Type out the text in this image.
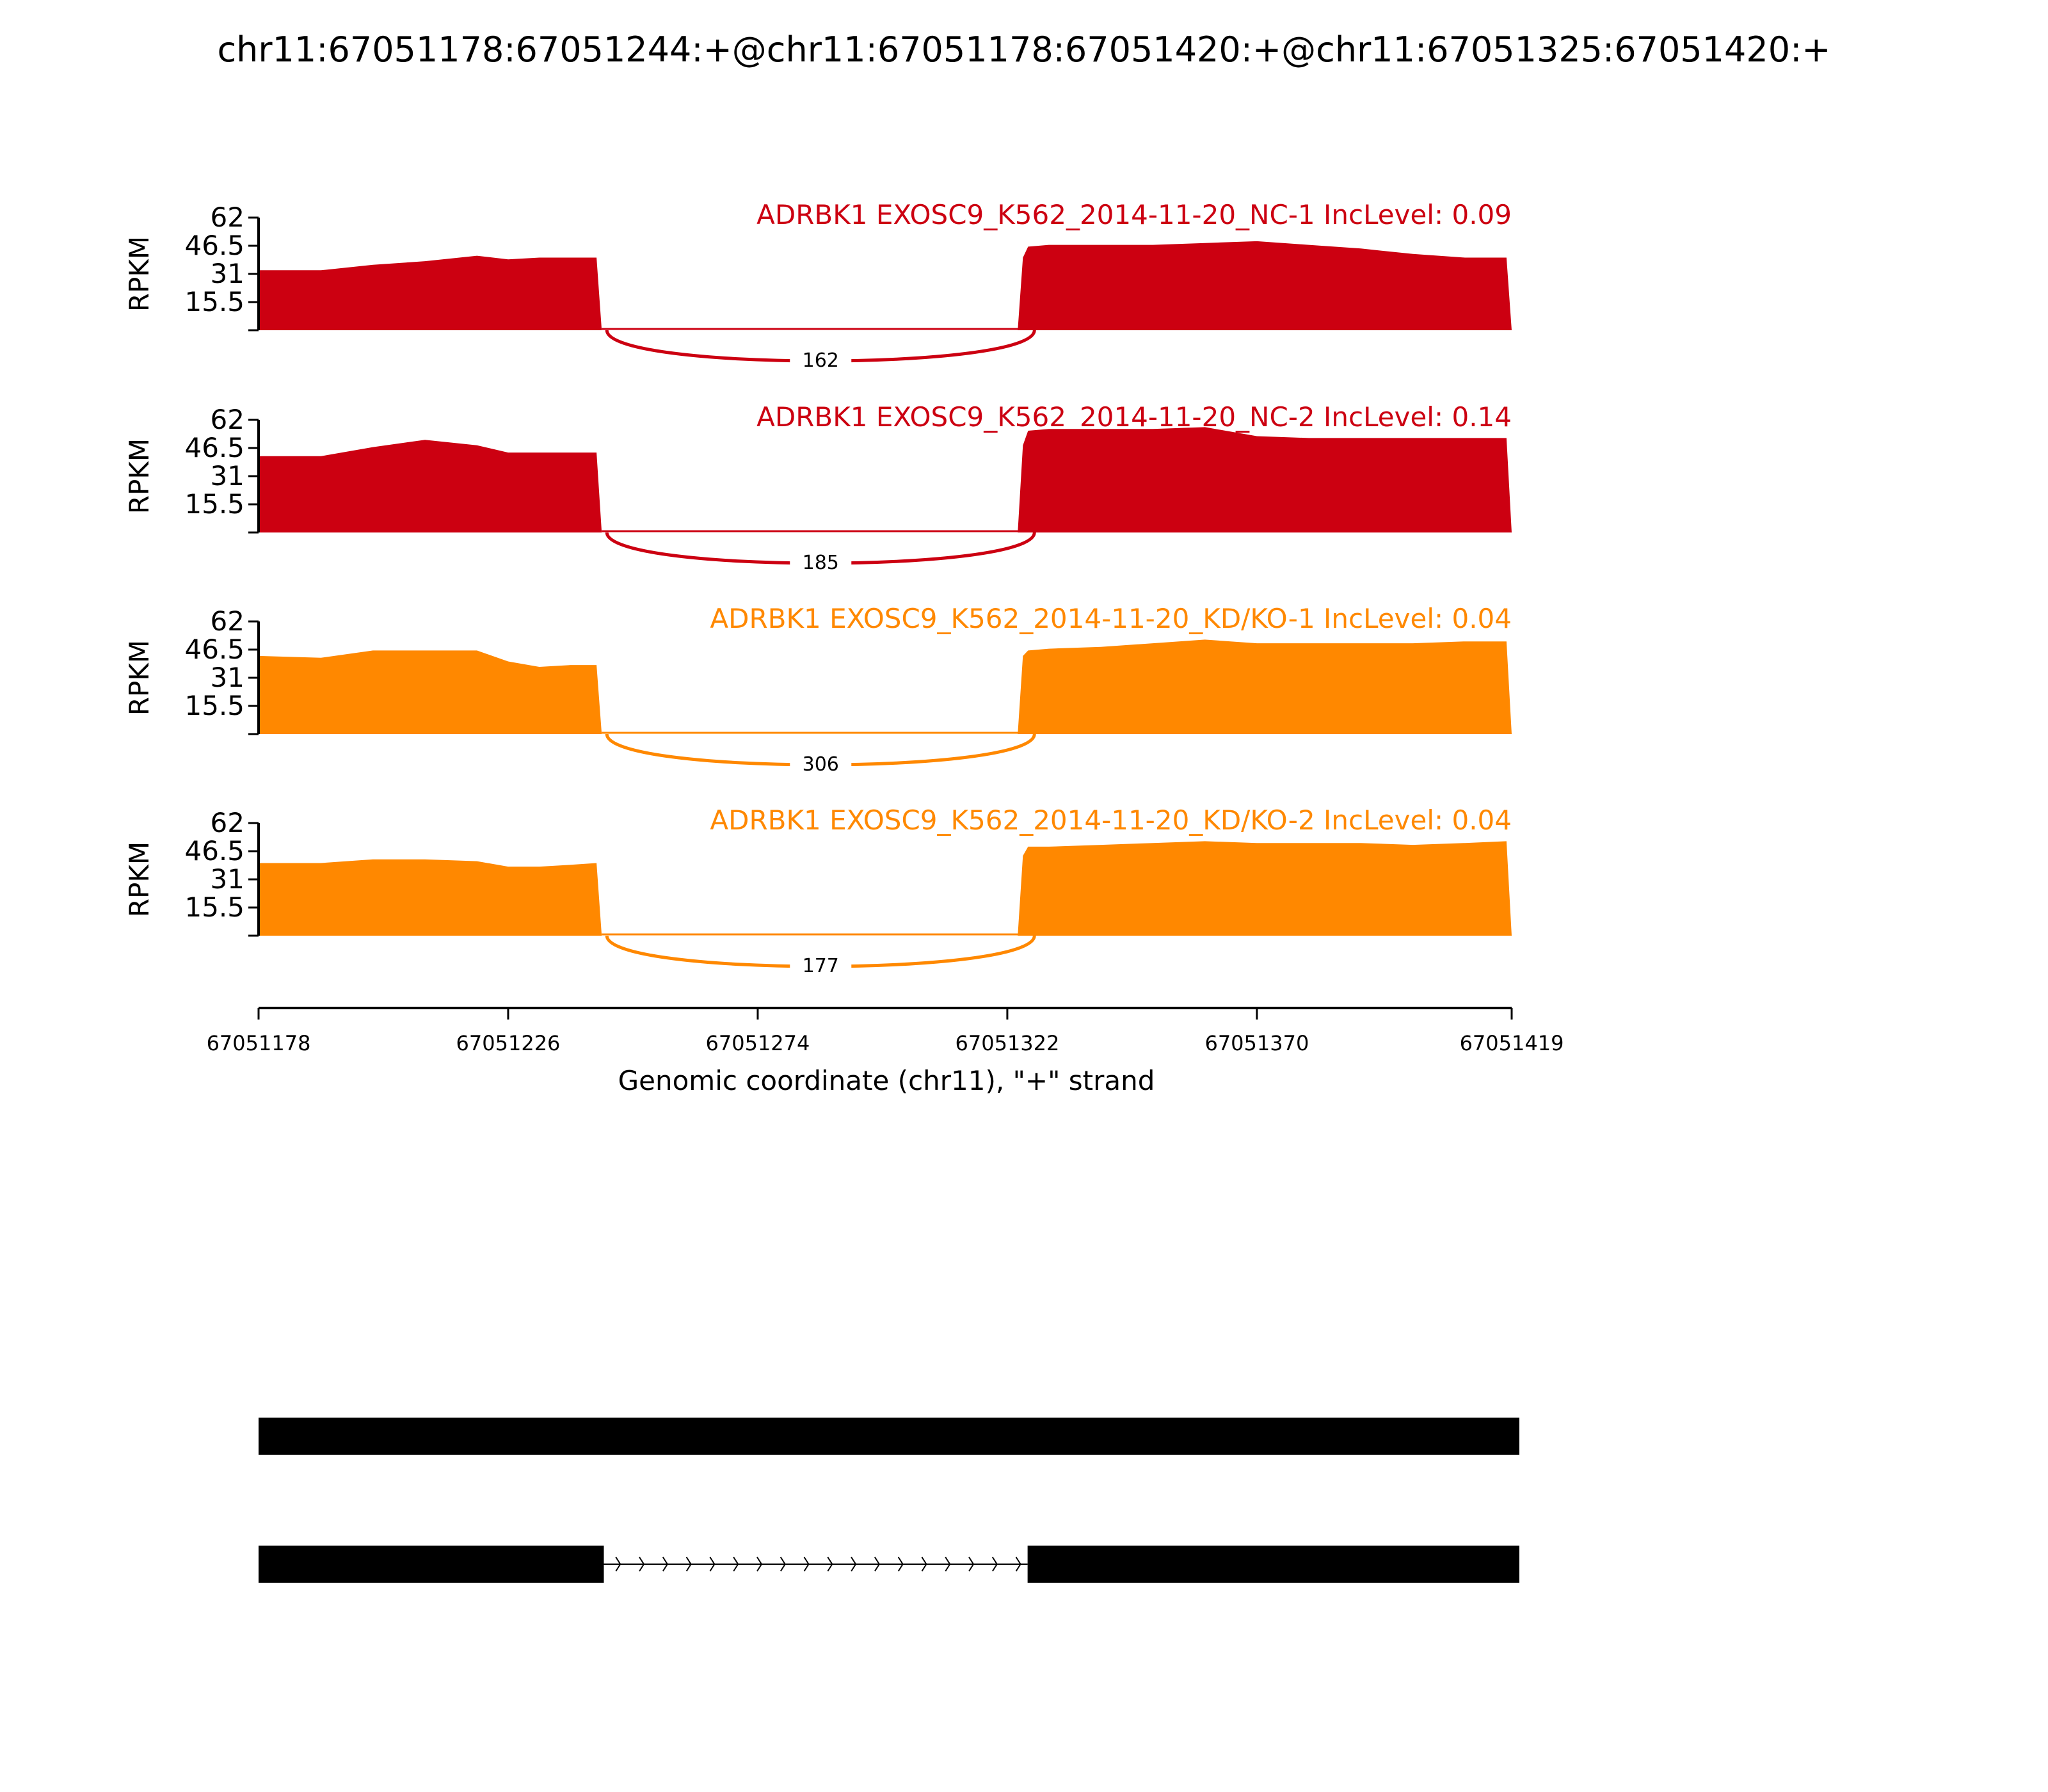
chr11:67051178:67051244:+@chr11:67051178:67051420:+@chr11:67051325:67051420:+
162
62
46.5
31
15.5
RPKM
ADRBK1 EXOSC9_K562_2014-11-20_NC-1 IncLevel: 0.09
185
62
46.5
31
15.5
RPKM
ADRBK1 EXOSC9_K562_2014-11-20_NC-2 IncLevel: 0.14
306
62
46.5
31
15.5
RPKM
ADRBK1 EXOSC9_K562_2014-11-20_KD/KO-1 IncLevel: 0.04
177
62
46.5
31
15.5
RPKM
ADRBK1 EXOSC9_K562_2014-11-20_KD/KO-2 IncLevel: 0.04
67051178	67051226	67051274	67051322	67051370	67051419
Genomic coordinate (chr11), "+" strand
